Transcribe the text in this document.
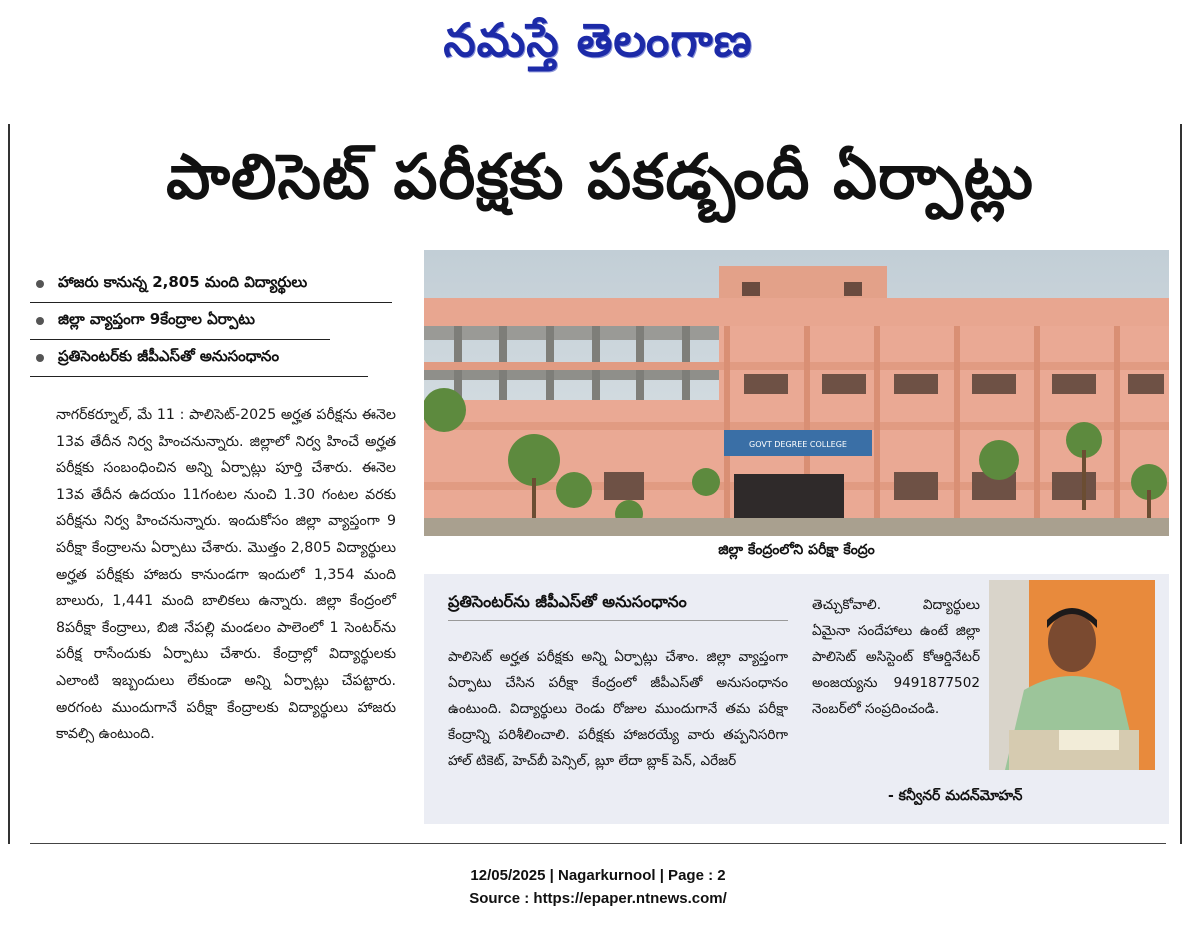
నమస్తే తెలంగాణ
పాలిసెట్ పరీక్షకు పకడ్బందీ ఏర్పాట్లు
హాజరు కానున్న 2,805 మంది విద్యార్థులు
జిల్లా వ్యాప్తంగా 9కేంద్రాల ఏర్పాటు
ప్రతిసెంటర్‌కు జీపీఎస్‌తో అనుసంధానం
నాగర్‌కర్నూల్, మే 11 : పాలిసెట్-2025 అర్హత పరీక్షను ఈనెల 13వ తేదీన నిర్వ హించనున్నారు. జిల్లాలో నిర్వ హించే అర్హత పరీక్షకు సంబంధించిన అన్ని ఏర్పాట్లు పూర్తి చేశారు. ఈనెల 13వ తేదీన ఉదయం 11గంటల నుంచి 1.30 గంటల వరకు పరీక్షను నిర్వ హించనున్నారు. ఇందుకోసం జిల్లా వ్యాప్తంగా 9 పరీక్షా కేంద్రాలను ఏర్పాటు చేశారు. మొత్తం 2,805 విద్యార్థులు అర్హత పరీక్షకు హాజరు కానుండగా ఇందులో 1,354 మంది బాలురు, 1,441 మంది బాలికలు ఉన్నారు. జిల్లా కేంద్రంలో 8పరీక్షా కేంద్రాలు, బిజి నేపల్లి మండలం పాలెంలో 1 సెంటర్‌ను పరీక్ష రాసేందుకు ఏర్పాటు చేశారు. కేంద్రాల్లో విద్యార్థులకు ఎలాంటి ఇబ్బందులు లేకుండా అన్ని ఏర్పాట్లు చేపట్టారు. అరగంట ముందుగానే పరీక్షా కేంద్రాలకు విద్యార్థులు హాజరు కావల్సి ఉంటుంది.
GOVT DEGREE COLLEGE
జిల్లా కేంద్రంలోని పరీక్షా కేంద్రం
ప్రతిసెంటర్‌ను జీపీఎస్‌తో అనుసంధానం
పాలిసెట్ అర్హత పరీక్షకు అన్ని ఏర్పాట్లు చేశాం. జిల్లా వ్యాప్తంగా ఏర్పాటు చేసిన పరీక్షా కేంద్రంలో జీపీఎస్‌తో అనుసంధానం ఉంటుంది. విద్యార్థులు రెండు రోజుల ముందుగానే తమ పరీక్షా కేంద్రాన్ని పరిశీలించాలి. పరీక్షకు హాజరయ్యే వారు తప్పనిసరిగా హాల్ టికెట్, హెచ్‌బీ పెన్సిల్, బ్లూ లేదా బ్లాక్ పెన్, ఎరేజర్
తెచ్చుకోవాలి. విద్యార్థులు ఏమైనా సందేహాలు ఉంటే జిల్లా పాలిసెట్ అసిస్టెంట్ కోఆర్డినేటర్ అంజయ్యను 9491877502 నెంబర్‌లో సంప్రదించండి.
- కన్వీనర్ మదన్‌మోహన్
12/05/2025 | Nagarkurnool | Page : 2
Source : https://epaper.ntnews.com/
